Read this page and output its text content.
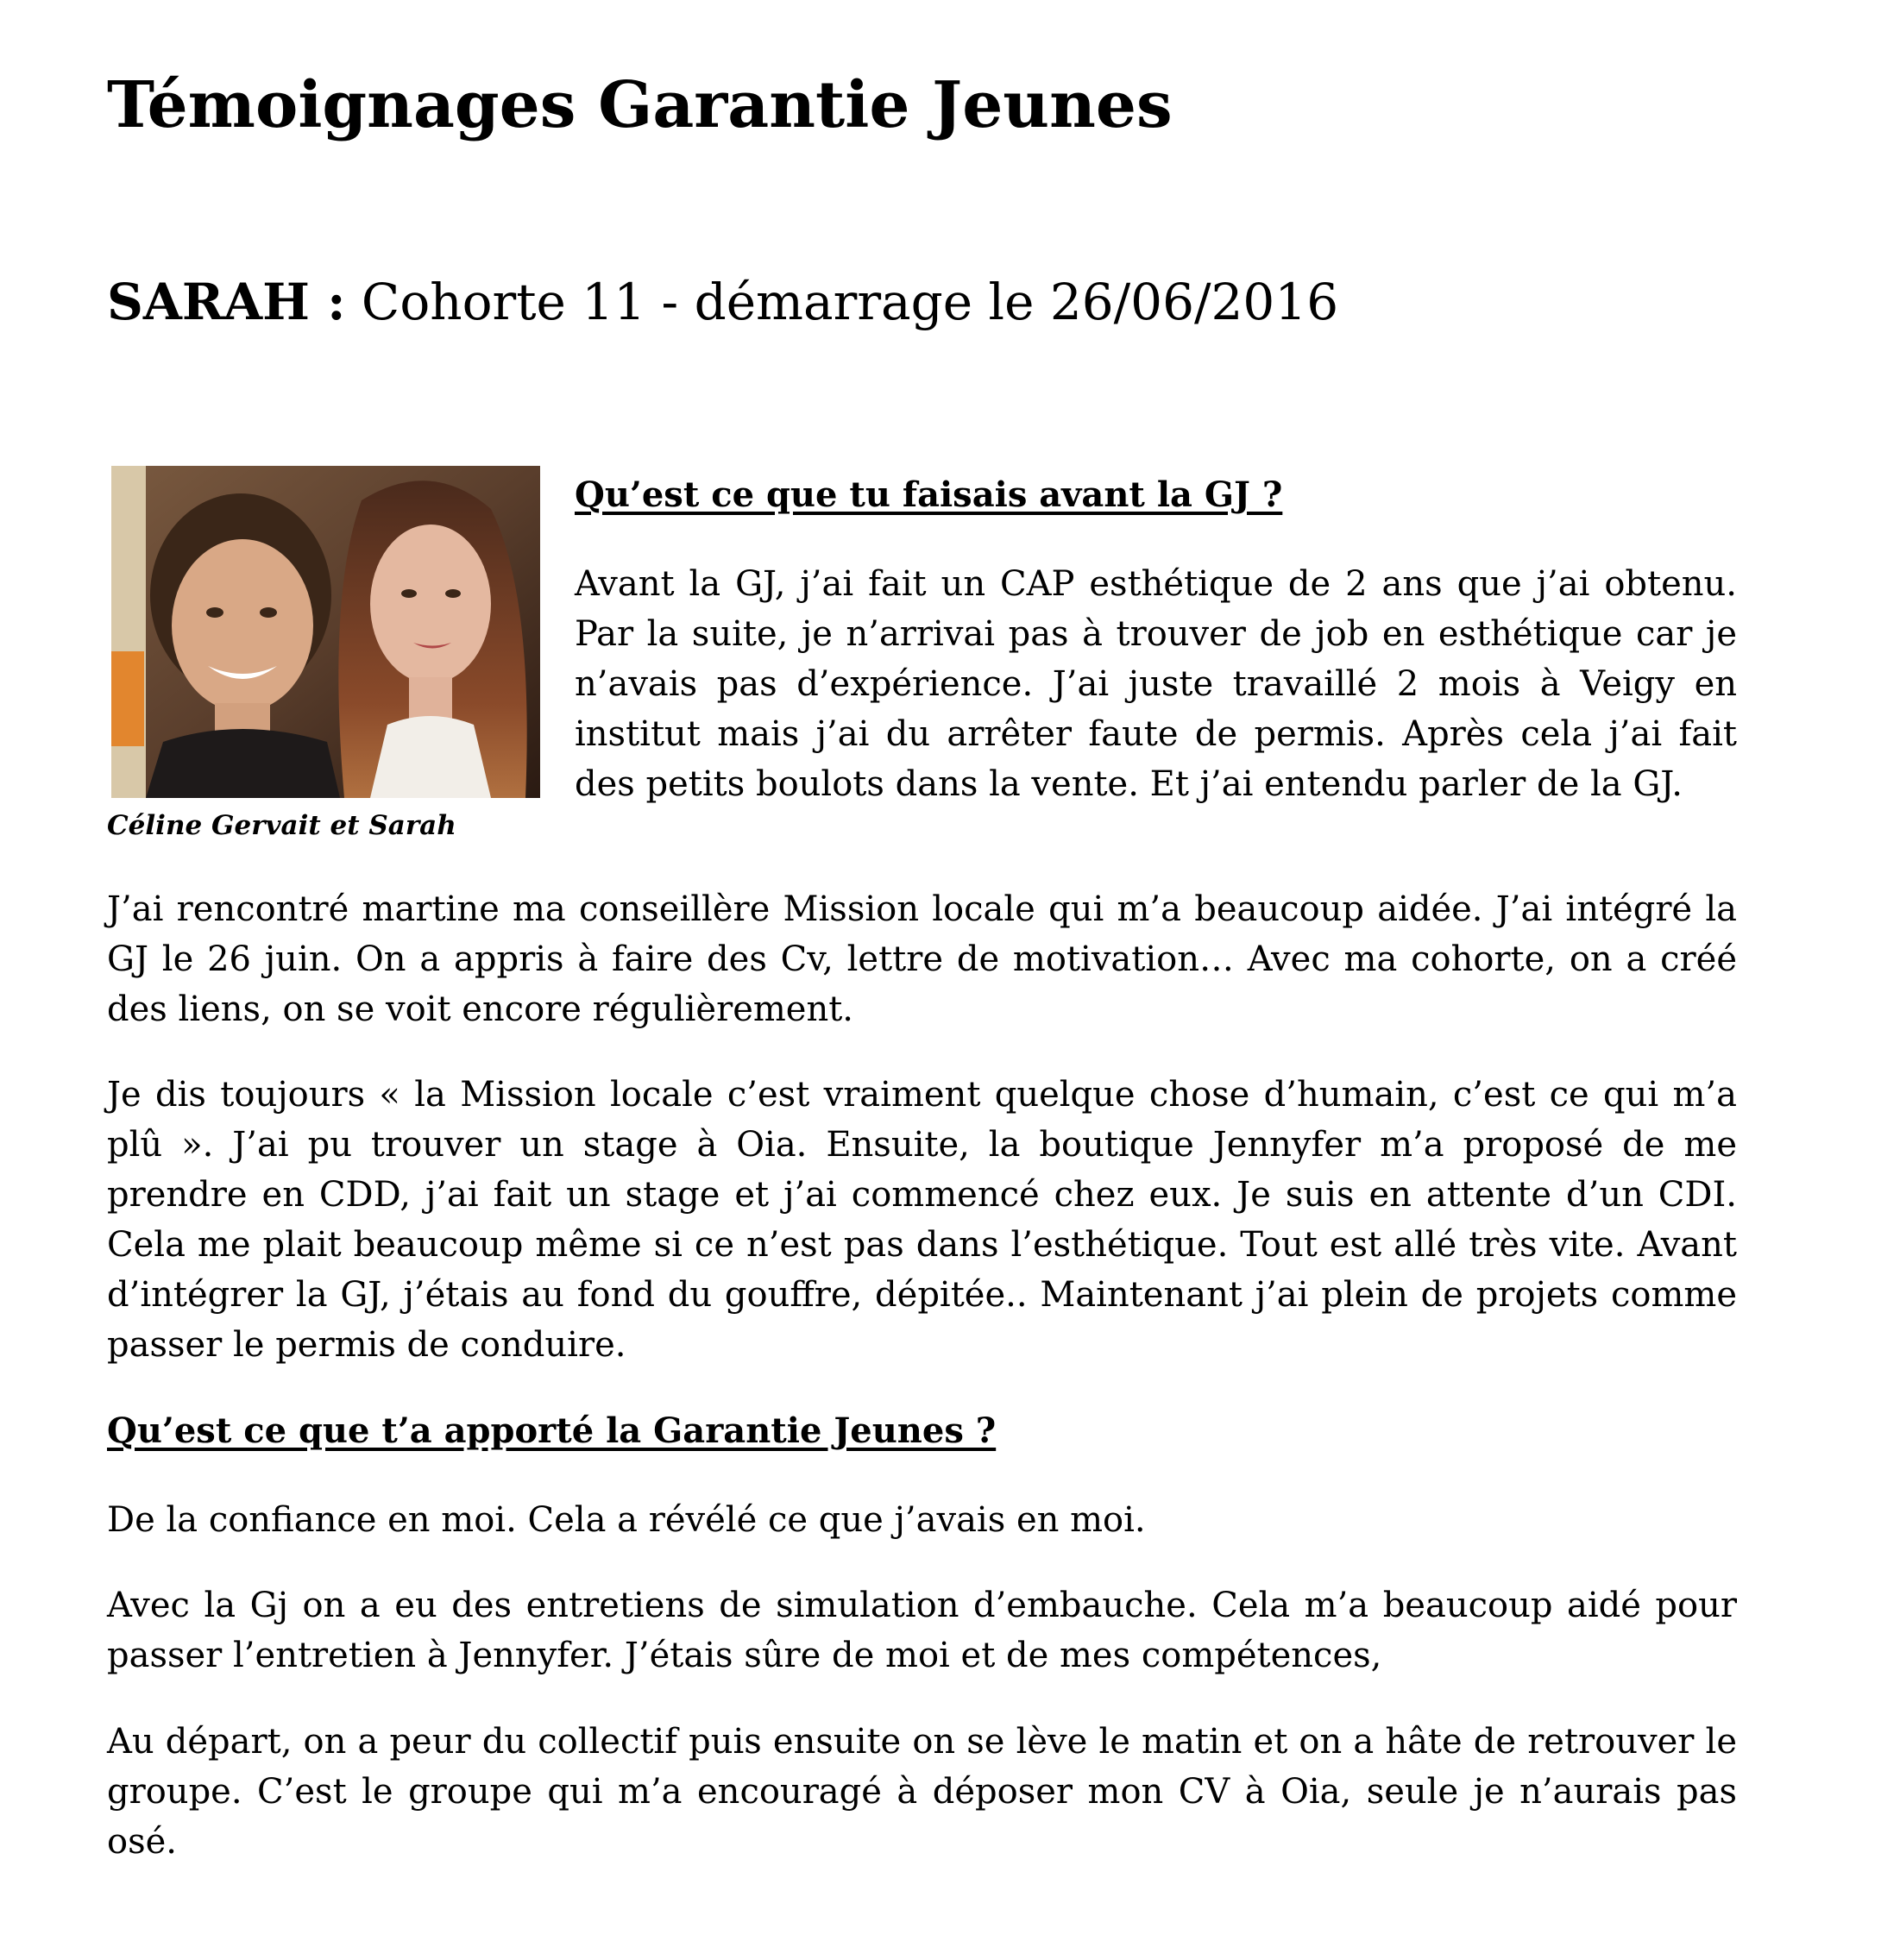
Témoignages Garantie Jeunes
SARAH : Cohorte 11 - démarrage le 26/06/2016
Céline Gervait et Sarah
Qu’est ce que tu faisais avant la GJ ?

Avant la GJ, j’ai fait un CAP esthétique de 2 ans que j’ai obtenu. Par la suite, je n’arrivai pas à trouver de job en esthétique car je n’avais pas d’expérience. J’ai juste travaillé 2 mois à Veigy en institut mais j’ai du arrêter faute de permis. Après cela j’ai fait des petits boulots dans la vente. Et j’ai entendu parler de la GJ.

J’ai rencontré martine ma conseillère Mission locale qui m’a beaucoup aidée. J’ai intégré la GJ le 26 juin. On a appris à faire des Cv, lettre de motivation… Avec ma cohorte, on a créé des liens, on se voit encore régulièrement.

Je dis toujours « la Mission locale c’est vraiment quelque chose d’humain, c’est ce qui m’a plû ». J’ai pu trouver un stage à Oia. Ensuite, la boutique Jennyfer m’a proposé de me prendre en CDD, j’ai fait un stage et j’ai commencé chez eux. Je suis en attente d’un CDI. Cela me plait beaucoup même si ce n’est pas dans l’esthétique. Tout est allé très vite. Avant d’intégrer la GJ, j’étais au fond du gouffre, dépitée.. Maintenant j’ai plein de projets comme passer le permis de conduire.

Qu’est ce que t’a apporté la Garantie Jeunes ?

De la confiance en moi. Cela a révélé ce que j’avais en moi.

Avec la Gj on a eu des entretiens de simulation d’embauche. Cela m’a beaucoup aidé pour passer l’entretien à Jennyfer. J’étais sûre de moi et de mes compétences,

Au départ, on a peur du collectif puis ensuite on se lève le matin et on a hâte de retrouver le groupe. C’est le groupe qui m’a encouragé à déposer mon CV à Oia, seule je n’aurais pas osé.
